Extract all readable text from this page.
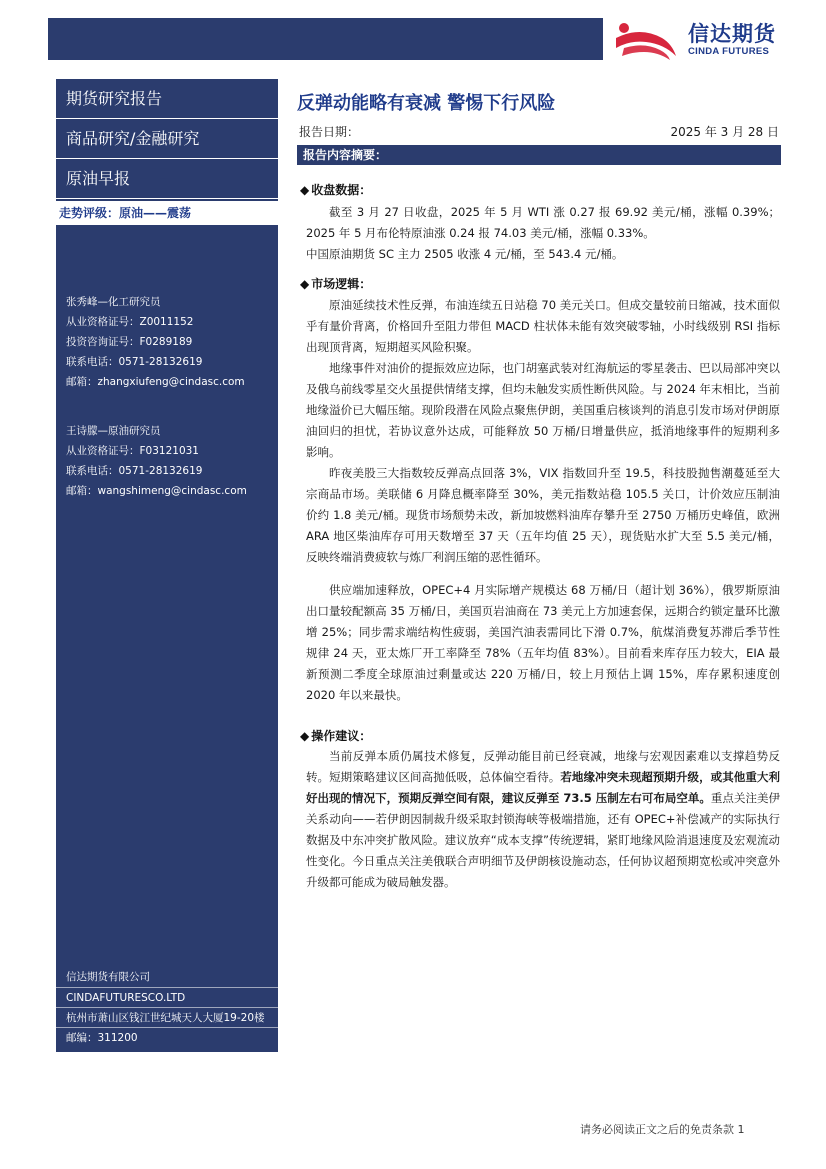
信达期货
CINDA FUTURES
期货研究报告
商品研究/金融研究
原油早报
走势评级：原油——震荡
张秀峰—化工研究员
从业资格证号：Z0011152
投资咨询证号：F0289189
联系电话：0571-28132619
邮箱：zhangxiufeng@cindasc.com
王诗朦—原油研究员
从业资格证号：F03121031
联系电话：0571-28132619
邮箱：wangshimeng@cindasc.com
信达期货有限公司
CINDAFUTURESCO.LTD
杭州市萧山区钱江世纪城天人大厦19-20楼
邮编：311200
反弹动能略有衰减 警惕下行风险
报告日期：	2025 年 3 月 28 日
报告内容摘要：
◆ 收盘数据：
截至 3 月 27 日收盘，2025 年 5 月 WTI 涨 0.27 报 69.92 美元/桶，涨幅 0.39%；2025 年 5 月布伦特原油涨 0.24 报 74.03 美元/桶，涨幅 0.33%。
中国原油期货 SC 主力 2505 收涨 4 元/桶，至 543.4 元/桶。
◆ 市场逻辑：
原油延续技术性反弹，布油连续五日站稳 70 美元关口。但成交量较前日缩减，技术面似乎有量价背离，价格回升至阻力带但 MACD 柱状体未能有效突破零轴，小时线级别 RSI 指标出现顶背离，短期超买风险积聚。
地缘事件对油价的提振效应边际，也门胡塞武装对红海航运的零星袭击、巴以局部冲突以及俄乌前线零星交火虽提供情绪支撑，但均未触发实质性断供风险。与 2024 年末相比，当前地缘溢价已大幅压缩。现阶段潜在风险点聚焦伊朗，美国重启核谈判的消息引发市场对伊朗原油回归的担忧，若协议意外达成，可能释放 50 万桶/日增量供应，抵消地缘事件的短期利多影响。
昨夜美股三大指数较反弹高点回落 3%，VIX 指数回升至 19.5，科技股抛售潮蔓延至大宗商品市场。美联储 6 月降息概率降至 30%，美元指数站稳 105.5 关口，计价效应压制油价约 1.8 美元/桶。现货市场颓势未改，新加坡燃料油库存攀升至 2750 万桶历史峰值，欧洲 ARA 地区柴油库存可用天数增至 37 天（五年均值 25 天），现货贴水扩大至 5.5 美元/桶，反映终端消费疲软与炼厂利润压缩的恶性循环。
供应端加速释放，OPEC+4 月实际增产规模达 68 万桶/日（超计划 36%），俄罗斯原油出口量较配额高 35 万桶/日，美国页岩油商在 73 美元上方加速套保，远期合约锁定量环比激增 25%；同步需求端结构性疲弱，美国汽油表需同比下滑 0.7%，航煤消费复苏滞后季节性规律 24 天，亚太炼厂开工率降至 78%（五年均值 83%）。目前看来库存压力较大，EIA 最新预测二季度全球原油过剩量或达 220 万桶/日，较上月预估上调 15%，库存累积速度创 2020 年以来最快。
◆ 操作建议：
当前反弹本质仍属技术修复，反弹动能目前已经衰减，地缘与宏观因素难以支撑趋势反转。短期策略建议区间高抛低吸，总体偏空看待。若地缘冲突未现超预期升级，或其他重大利好出现的情况下，预期反弹空间有限，建议反弹至 73.5 压制左右可布局空单。重点关注美伊关系动向——若伊朗因制裁升级采取封锁海峡等极端措施，还有 OPEC+补偿减产的实际执行数据及中东冲突扩散风险。建议放弃“成本支撑”传统逻辑，紧盯地缘风险消退速度及宏观流动性变化。今日重点关注美俄联合声明细节及伊朗核设施动态，任何协议超预期宽松或冲突意外升级都可能成为破局触发器。
请务必阅读正文之后的免责条款 1
